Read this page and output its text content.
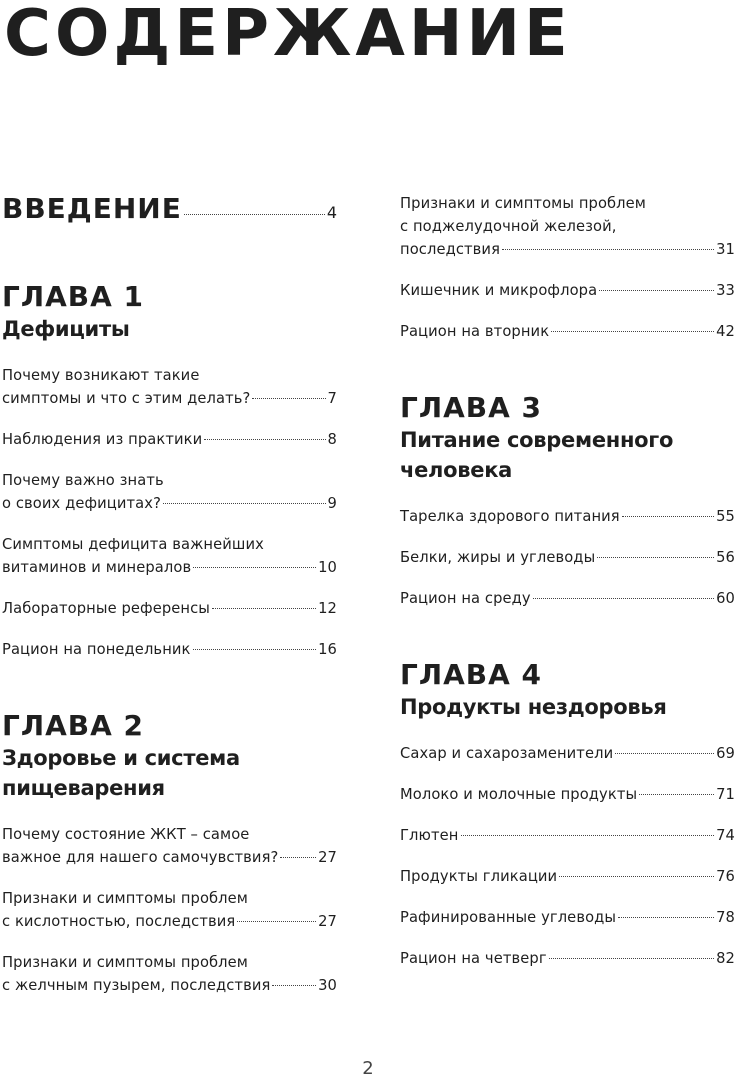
СОДЕРЖАНИЕ
ВВЕДЕНИЕ	4
ГЛАВА 1
Дефициты
Почему возникают такие
симптомы и что с этим делать?	7
Наблюдения из практики	8
Почему важно знать
о своих дефицитах?	9
Симптомы дефицита важнейших
витаминов и минералов	10
Лабораторные референсы	12
Рацион на понедельник	16
ГЛАВА 2
Здоровье и система
пищеварения
Почему состояние ЖКТ – самое
важное для нашего самочувствия?	27
Признаки и симптомы проблем
с кислотностью, последствия	27
Признаки и симптомы проблем
с желчным пузырем, последствия	30
Признаки и симптомы проблем
с поджелудочной железой,
последствия	31
Кишечник и микрофлора	33
Рацион на вторник	42
ГЛАВА 3
Питание современного
человека
Тарелка здорового питания	55
Белки, жиры и углеводы	56
Рацион на среду	60
ГЛАВА 4
Продукты нездоровья
Сахар и сахарозаменители	69
Молоко и молочные продукты	71
Глютен	74
Продукты гликации	76
Рафинированные углеводы	78
Рацион на четверг	82
2
